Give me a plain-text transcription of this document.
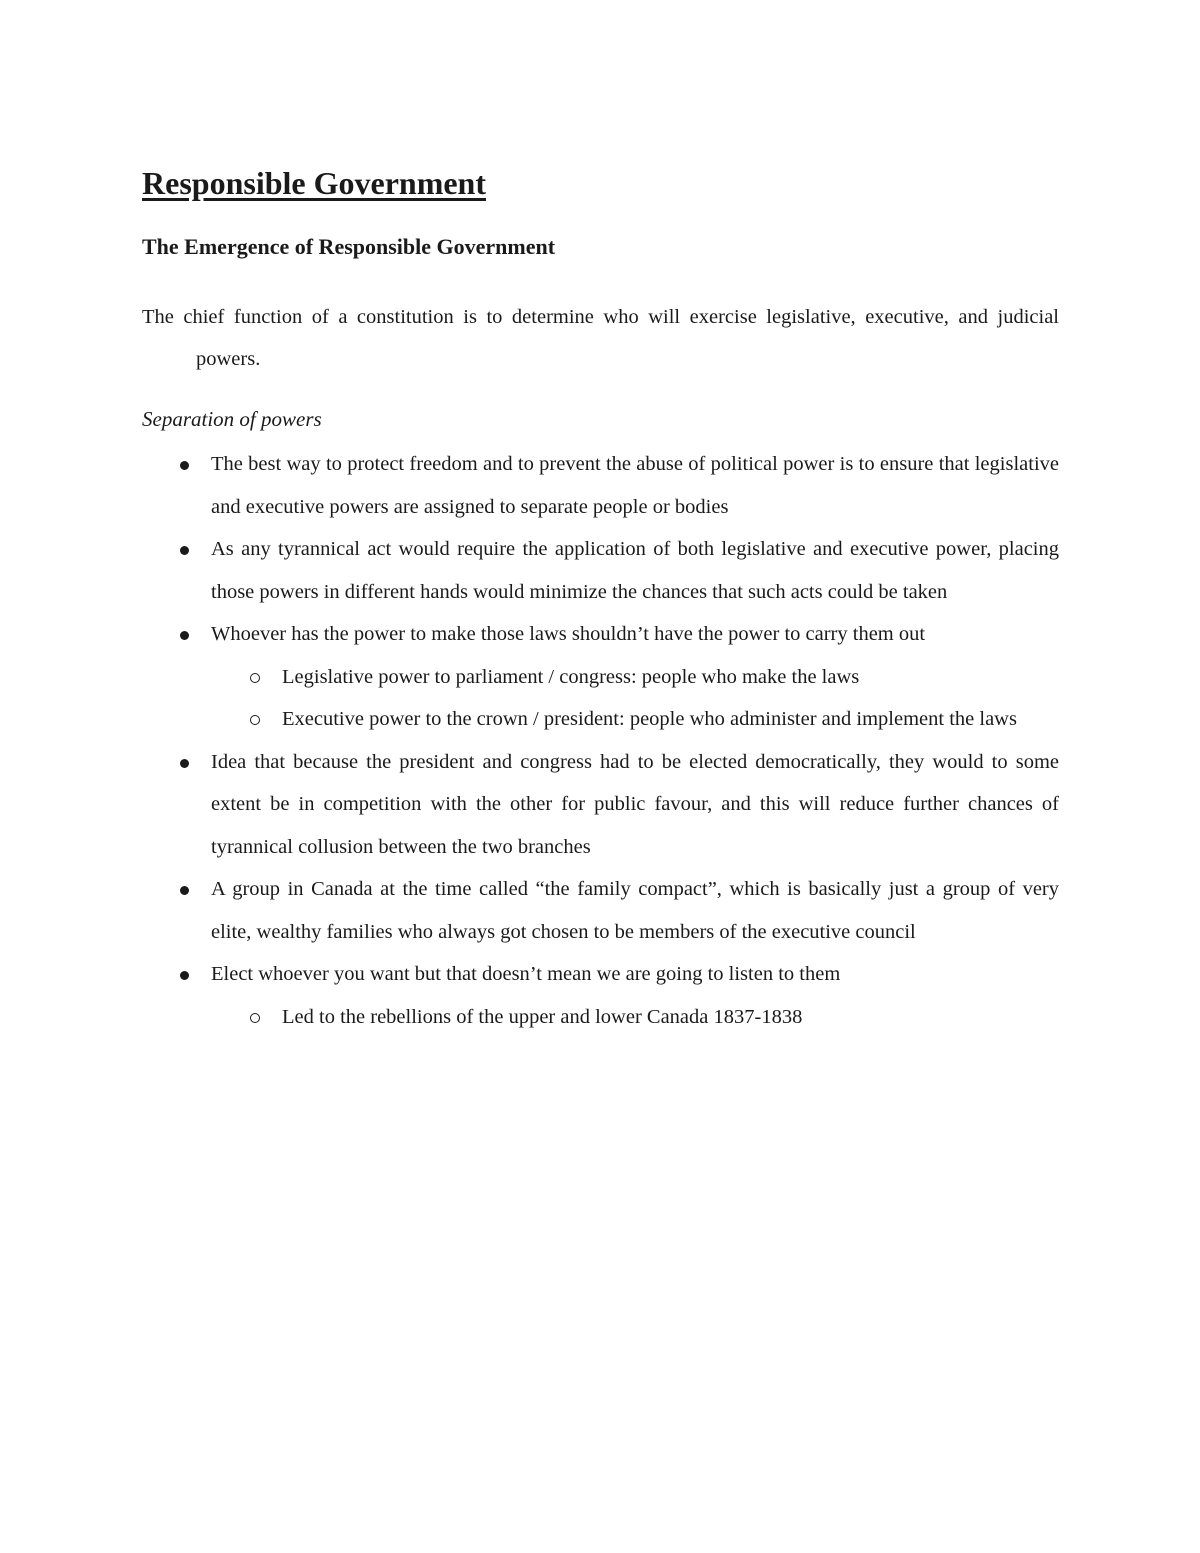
Responsible Government
The Emergence of Responsible Government

The chief function of a constitution is to determine who will exercise legislative, executive, and judicial powers.

Separation of powers

The best way to protect freedom and to prevent the abuse of political power is to ensure that legislative and executive powers are assigned to separate people or bodies
As any tyrannical act would require the application of both legislative and executive power, placing those powers in different hands would minimize the chances that such acts could be taken
Whoever has the power to make those laws shouldn’t have the power to carry them out
Legislative power to parliament / congress: people who make the laws
Executive power to the crown / president: people who administer and implement the laws
Idea that because the president and congress had to be elected democratically, they would to some extent be in competition with the other for public favour, and this will reduce further chances of tyrannical collusion between the two branches
A group in Canada at the time called “the family compact”, which is basically just a group of very elite, wealthy families who always got chosen to be members of the executive council
Elect whoever you want but that doesn’t mean we are going to listen to them
Led to the rebellions of the upper and lower Canada 1837-1838
